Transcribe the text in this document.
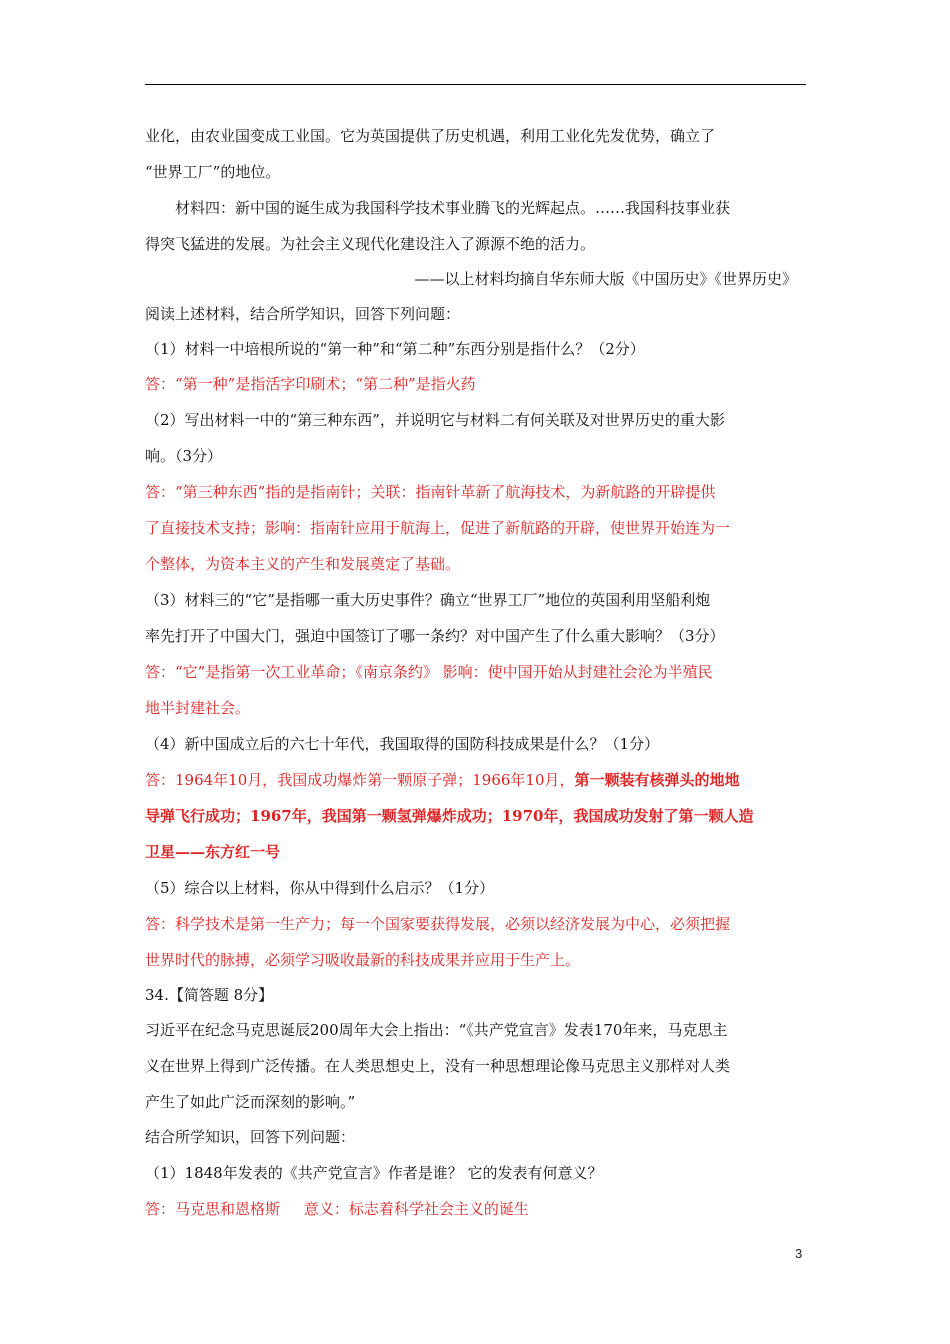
业化，由农业国变成工业国。它为英国提供了历史机遇，利用工业化先发优势，确立了
“世界工厂”的地位。
材料四：新中国的诞生成为我国科学技术事业腾飞的光辉起点。……我国科技事业获
得突飞猛进的发展。为社会主义现代化建设注入了源源不绝的活力。
——以上材料均摘自华东师大版《中国历史》《世界历史》
阅读上述材料，结合所学知识，回答下列问题：
（1）材料一中培根所说的“第一种”和“第二种”东西分别是指什么？（2分）
答：“第一种”是指活字印刷术；“第二种”是指火药
（2）写出材料一中的“第三种东西”，并说明它与材料二有何关联及对世界历史的重大影
响。（3分）
答：“第三种东西”指的是指南针；关联：指南针革新了航海技术，为新航路的开辟提供
了直接技术支持；影响：指南针应用于航海上，促进了新航路的开辟，使世界开始连为一
个整体，为资本主义的产生和发展奠定了基础。
（3）材料三的“它”是指哪一重大历史事件？确立“世界工厂”地位的英国利用坚船利炮
率先打开了中国大门，强迫中国签订了哪一条约？对中国产生了什么重大影响？（3分）
答：“它”是指第一次工业革命；《南京条约》 影响：使中国开始从封建社会沦为半殖民
地半封建社会。
（4）新中国成立后的六七十年代，我国取得的国防科技成果是什么？（1分）
答：1964年10月，我国成功爆炸第一颗原子弹；1966年10月，第一颗装有核弹头的地地
导弹飞行成功；1967年，我国第一颗氢弹爆炸成功；1970年，我国成功发射了第一颗人造
卫星——东方红一号
（5）综合以上材料，你从中得到什么启示？（1分）
答：科学技术是第一生产力；每一个国家要获得发展，必须以经济发展为中心，必须把握
世界时代的脉搏，必须学习吸收最新的科技成果并应用于生产上。
34.【简答题 8分】
习近平在纪念马克思诞辰200周年大会上指出：“《共产党宣言》发表170年来，马克思主
义在世界上得到广泛传播。在人类思想史上，没有一种思想理论像马克思主义那样对人类
产生了如此广泛而深刻的影响。”
结合所学知识，回答下列问题：
（1）1848年发表的《共产党宣言》作者是谁？ 它的发表有何意义？
答：马克思和恩格斯     意义：标志着科学社会主义的诞生
3
